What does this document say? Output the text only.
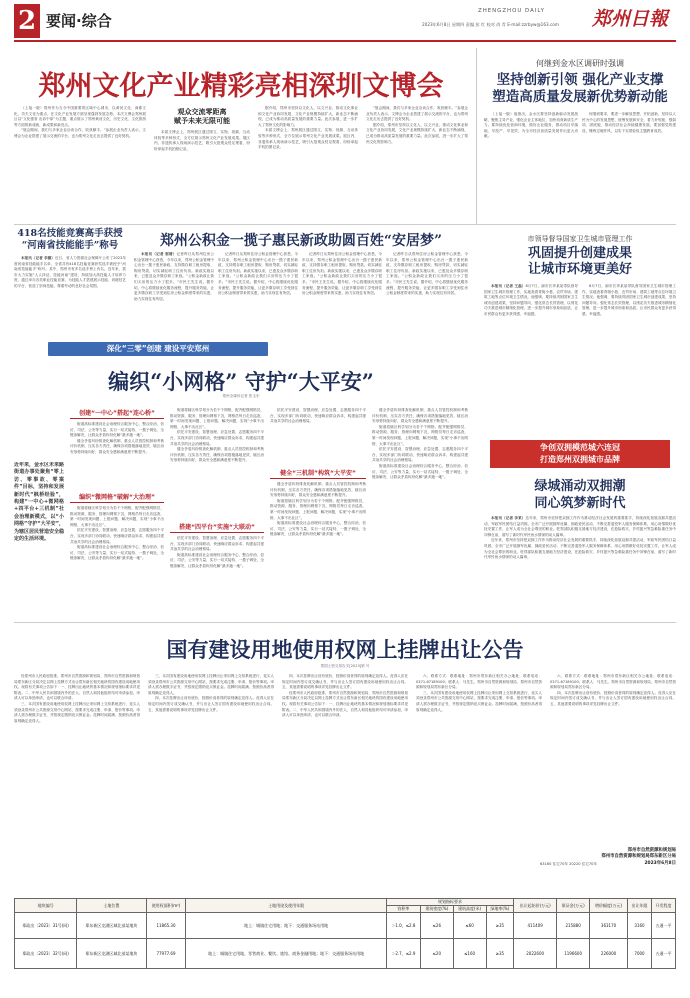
2 要闻·综合
ZHENGZHOU DAILY
2023年6月8日 星期四 责编 彭 红 校对 尚 青 E-mail:zzrbyw@163.com 郑州日報
郑州文化产业精彩亮相深圳文博会
（上接一版）郑州作为当今中国重要的区域中心城市，以黄河文化、商都文化、功夫文化为重点，在文化产业发展方面呈现蓬勃发展态势。本次文博会郑州展区以“文化强省 出彩中原”为主题，重点展示了郑州黄河文化、历史文化、文化旅游等方面的新成就、新成果和新亮点。
“展会期间，我们与多家企业洽谈合作，收获颇丰。”参展企业负责人表示，文博会为企业搭建了展示交流的平台，也为郑州文化走出去提供了良好契机。
观众交流零距离
赋予未来无限可能
本届文博会上，郑州展区通过图文、实物、视频、互动体验等多种形式，全方位展示郑州文化产业发展成果。展区内，非遗传承人现场演示技艺，吸引大批观众驻足观看，纷纷拿起手机拍照记录。
据介绍，郑州市坚持以文化人、以文兴业，推动文化事业和文化产业协同发展，文化产业规模持续扩大，新业态不断涌现，已成为推动高质量发展的重要力量。此次参展，进一步扩大了郑州文化的影响力。
本届文博会上，郑州展区通过图文、实物、视频、互动体验等多种形式，全方位展示郑州文化产业发展成果。展区内，非遗传承人现场演示技艺，吸引大批观众驻足观看，纷纷拿起手机拍照记录。
“展会期间，我们与多家企业洽谈合作，收获颇丰。”参展企业负责人表示，文博会为企业搭建了展示交流的平台，也为郑州文化走出去提供了良好契机。
据介绍，郑州市坚持以文化人、以文兴业，推动文化事业和文化产业协同发展，文化产业规模持续扩大，新业态不断涌现，已成为推动高质量发展的重要力量。此次参展，进一步扩大了郑州文化的影响力。
何继到金水区调研时强调
坚持创新引领 强化产业支撑
塑造高质量发展新优势新动能
（上接一版）他指出，金水区要坚持创新驱动发展战略，聚焦主导产业，强化企业主体地位，加快培育新质生产力。要持续优化营商环境，做好企业服务，推动项目早落地、早投产、早见效，为全市经济高质量发展作出更大贡献。
何继到要求，要进一步解放思想、开拓创新，坚持以人民为中心的发展思想，统筹发展和安全，着力补短板、强弱项、固底板，推动经济社会持续健康发展。要加强党的建设，锤炼过硬作风，以实干实绩检验主题教育成效。
418名技能竞赛高手获授
“河南省技能能手”称号
本报讯（记者 李娜）近日，省人力资源社会保障厅公布了2022年度河南省技能能手名单，全省共有418名技能竞赛获奖选手被授予“河南省技能能手”称号。其中，郑州市有多名选手榜上有名。近年来，我市大力实施“人人持证、技能河南”建设，持续加大高技能人才培养力度，通过举办各类职业技能竞赛，为技能人才搭建展示技能、切磋技艺的平台，营造了崇尚技能、尊重劳动的良好社会氛围。
郑州公积金一揽子惠民新政助圆百姓“安居梦”
本报讯（记者 郭清）记者昨日从郑州住房公积金管理中心获悉，今年以来，郑州公积金管理中心出台一揽子惠民新政，支持缴存职工租房提取、购房贷款，切实减轻职工住房负担。新政实施以来，已惠及众多缴存职工家庭。“公积金新政让我们买房的压力小了很多。”市民王先生说。据介绍，中心将继续优化服务流程，提升服务效能，让更多缴存职工享受到住房公积金制度带来的实惠，助力实现住有所居。
记者昨日从郑州住房公积金管理中心获悉，今年以来，郑州公积金管理中心出台一揽子惠民新政，支持缴存职工租房提取、购房贷款，切实减轻职工住房负担。新政实施以来，已惠及众多缴存职工家庭。“公积金新政让我们买房的压力小了很多。”市民王先生说。据介绍，中心将继续优化服务流程，提升服务效能，让更多缴存职工享受到住房公积金制度带来的实惠，助力实现住有所居。
记者昨日从郑州住房公积金管理中心获悉，今年以来，郑州公积金管理中心出台一揽子惠民新政，支持缴存职工租房提取、购房贷款，切实减轻职工住房负担。新政实施以来，已惠及众多缴存职工家庭。“公积金新政让我们买房的压力小了很多。”市民王先生说。据介绍，中心将继续优化服务流程，提升服务效能，让更多缴存职工享受到住房公积金制度带来的实惠，助力实现住有所居。
记者昨日从郑州住房公积金管理中心获悉，今年以来，郑州公积金管理中心出台一揽子惠民新政，支持缴存职工租房提取、购房贷款，切实减轻职工住房负担。新政实施以来，已惠及众多缴存职工家庭。“公积金新政让我们买房的压力小了很多。”市民王先生说。据介绍，中心将继续优化服务流程，提升服务效能，让更多缴存职工享受到住房公积金制度带来的实惠，助力实现住有所居。
市领导督导国家卫生城市管理工作
巩固提升创建成果
让城市环境更美好
本报讯（记者 王磊）6月7日，副市长李某某带队督导国家卫生城市管理工作，实地查看背街小巷、农贸市场、建筑工地等点位环境卫生情况。他强调，要持续巩固国家卫生城市创建成果，坚持问题导向，强化常态长效管理，以绣花功夫推进城市精细化管理，进一步提升城市形象和品质，让市民群众有更多获得感、幸福感。
6月7日，副市长李某某带队督导国家卫生城市管理工作，实地查看背街小巷、农贸市场、建筑工地等点位环境卫生情况。他强调，要持续巩固国家卫生城市创建成果，坚持问题导向，强化常态长效管理，以绣花功夫推进城市精细化管理，进一步提升城市形象和品质，让市民群众有更多获得感、幸福感。
深化“三零”创建 建设平安郑州
编织“小网格” 守护“大平安”
郑州全媒体记者 张玉东
近年来，金水区未来路街道办事处聚焦“零上访、零事故、零案件”目标，坚持和发展新时代“枫桥经验”，构建“一中心+微网格+四平台+三机制”社会治理新模式，以“小网格”守护“大平安”，为辖区居民营造安全稳定的生活环境。
创建“一中心”搭起“连心桥”
街道高标准建设社会治理综合服务中心，整合综治、信访、司法、公安等力量，实行一站式接待、一揽子调处、全链条解决，让群众矛盾纠纷化解“最多跑一地”。
健全矛盾纠纷排查化解机制、重点人员管控机制和考核评价机制，压实各方责任，确保各项措施落地见效，辖区治安形势持续向好，群众安全感和满意度不断提升。
编织“微网格”破解“大治理”
街道将辖区科学划分为若干个网格，配齐配强网格员，推动资源、服务、管理向网格下沉，网格员每日走访巡查，第一时间发现问题、上报问题、解决问题，实现“小事不出网格、大事不出社区”。
依托平安建设、智慧治理、应急处置、志愿服务四个平台，实现多部门协同联动，快速响应群众诉求，构建起共建共治共享的社会治理格局。
街道高标准建设社会治理综合服务中心，整合综治、信访、司法、公安等力量，实行一站式接待、一揽子调处、全链条解决，让群众矛盾纠纷化解“最多跑一地”。
街道将辖区科学划分为若干个网格，配齐配强网格员，推动资源、服务、管理向网格下沉，网格员每日走访巡查，第一时间发现问题、上报问题、解决问题，实现“小事不出网格、大事不出社区”。
依托平安建设、智慧治理、应急处置、志愿服务四个平台，实现多部门协同联动，快速响应群众诉求，构建起共建共治共享的社会治理格局。
健全矛盾纠纷排查化解机制、重点人员管控机制和考核评价机制，压实各方责任，确保各项措施落地见效，辖区治安形势持续向好，群众安全感和满意度不断提升。
搭建“四平台”实施“大联动”
依托平安建设、智慧治理、应急处置、志愿服务四个平台，实现多部门协同联动，快速响应群众诉求，构建起共建共治共享的社会治理格局。
街道高标准建设社会治理综合服务中心，整合综治、信访、司法、公安等力量，实行一站式接待、一揽子调处、全链条解决，让群众矛盾纠纷化解“最多跑一地”。
依托平安建设、智慧治理、应急处置、志愿服务四个平台，实现多部门协同联动，快速响应群众诉求，构建起共建共治共享的社会治理格局。
健全“三机制”构筑“大平安”
健全矛盾纠纷排查化解机制、重点人员管控机制和考核评价机制，压实各方责任，确保各项措施落地见效，辖区治安形势持续向好，群众安全感和满意度不断提升。
街道将辖区科学划分为若干个网格，配齐配强网格员，推动资源、服务、管理向网格下沉，网格员每日走访巡查，第一时间发现问题、上报问题、解决问题，实现“小事不出网格、大事不出社区”。
街道高标准建设社会治理综合服务中心，整合综治、信访、司法、公安等力量，实行一站式接待、一揽子调处、全链条解决，让群众矛盾纠纷化解“最多跑一地”。
健全矛盾纠纷排查化解机制、重点人员管控机制和考核评价机制，压实各方责任，确保各项措施落地见效，辖区治安形势持续向好，群众安全感和满意度不断提升。
街道将辖区科学划分为若干个网格，配齐配强网格员，推动资源、服务、管理向网格下沉，网格员每日走访巡查，第一时间发现问题、上报问题、解决问题，实现“小事不出网格、大事不出社区”。
依托平安建设、智慧治理、应急处置、志愿服务四个平台，实现多部门协同联动，快速响应群众诉求，构建起共建共治共享的社会治理格局。
街道高标准建设社会治理综合服务中心，整合综治、信访、司法、公安等力量，实行一站式接待、一揽子调处、全链条解决，让群众矛盾纠纷化解“最多跑一地”。
争创双拥模范城六连冠
打造郑州双拥城市品牌
绿城涌动双拥潮
同心筑梦新时代
本报讯（记者 李某）近年来，郑州市坚持把双拥工作作为推动经济社会发展的重要抓手，持续深化拓展双拥共建活动，军政军民团结日益巩固。全市广泛开展拥军优属、拥政爱民活动，不断完善退役军人服务保障体系，用心用情做好优抚安置工作，让军人成为全社会尊崇的职业。驻郑部队积极支援地方经济建设，在抢险救灾、乡村振兴等急难险重任务中冲锋在前，谱写了新时代军民鱼水情深的动人篇章。
近年来，郑州市坚持把双拥工作作为推动经济社会发展的重要抓手，持续深化拓展双拥共建活动，军政军民团结日益巩固。全市广泛开展拥军优属、拥政爱民活动，不断完善退役军人服务保障体系，用心用情做好优抚安置工作，让军人成为全社会尊崇的职业。驻郑部队积极支援地方经济建设，在抢险救灾、乡村振兴等急难险重任务中冲锋在前，谱写了新时代军民鱼水情深的动人篇章。
国有建设用地使用权网上挂牌出让公告
郑国土资交易告字[2023]第 号
经郑州市人民政府批准，郑州市自然资源和规划局、郑州市自然资源和规划局郑东新区分局决定以网上挂牌方式出让郑东新区相关地块的国有建设用地使用权。现将有关事项公告如下：一、挂牌出让地块的基本情况和规划指标要求详见附表。二、中华人民共和国境内外的法人、自然人和其他组织均可申请参加，申请人可以单独申请，也可以联合申请。
三、本次国有建设用地使用权网上挂牌出让采用网上交易系统进行，竞买人须登录郑州市公共资源交易中心网站，按要求完成注册、申请、报价等事项。申请人需办理数字证书，并按规定缴纳竞买保证金。挂牌时间届满，按照价高者得原则确定竞得人。
三、本次国有建设用地使用权网上挂牌出让采用网上交易系统进行，竞买人须登录郑州市公共资源交易中心网站，按要求完成注册、申请、报价等事项。申请人需办理数字证书，并按规定缴纳竞买保证金。挂牌时间届满，按照价高者得原则确定竞得人。
四、本次挂牌出让设有底价，按照价高者得的原则确定竞得人。竞得人应在规定时间内签订成交确认书，并与出让人签订国有建设用地使用权出让合同。五、其他需要说明的事项详见挂牌出让文件。
四、本次挂牌出让设有底价，按照价高者得的原则确定竞得人。竞得人应在规定时间内签订成交确认书，并与出让人签订国有建设用地使用权出让合同。五、其他需要说明的事项详见挂牌出让文件。
经郑州市人民政府批准，郑州市自然资源和规划局、郑州市自然资源和规划局郑东新区分局决定以网上挂牌方式出让郑东新区相关地块的国有建设用地使用权。现将有关事项公告如下：一、挂牌出让地块的基本情况和规划指标要求详见附表。二、中华人民共和国境内外的法人、自然人和其他组织均可申请参加，申请人可以单独申请，也可以联合申请。
六、联系方式：联系地址：郑州市郑东新区相关办公地址；联系电话：0371-67189100；联系人：马先生。郑州市自然资源和规划局、郑州市自然资源和规划局郑东新区分局。
三、本次国有建设用地使用权网上挂牌出让采用网上交易系统进行，竞买人须登录郑州市公共资源交易中心网站，按要求完成注册、申请、报价等事项。申请人需办理数字证书，并按规定缴纳竞买保证金。挂牌时间届满，按照价高者得原则确定竞得人。
六、联系方式：联系地址：郑州市郑东新区相关办公地址；联系电话：0371-67189100；联系人：马先生。郑州市自然资源和规划局、郑州市自然资源和规划局郑东新区分局。
四、本次挂牌出让设有底价，按照价高者得的原则确定竞得人。竞得人应在规定时间内签订成交确认书，并与出让人签订国有建设用地使用权出让合同。五、其他需要说明的事项详见挂牌出让文件。
郑州市自然资源和规划局
郑州市自然资源和规划局郑东新区分局
2023年6月8日
地块编号	土地位置	使用权面积(m²)	土地用途及使用年限	规划指标要求				出让起始价(万元)	保证金(万元)	增价幅度(万元)	出让年限	开发程度
				容积率	建筑密度(%)	建筑高度(米)	绿地率(%)					
郑政出〔2023〕31号(网)	郑东新区龙湖区域北部某地块	11865.30	地上：城镇住宅用地；地下：交通服务场站用地	＞1.0，≤2.8	≤26	≤60	≥35	411409	215880	363170	3160	五通一平
郑政出〔2023〕32号(网)	郑东新区龙湖区域北部某地块	77977.69	地上：城镇住宅用地、零售商业、餐饮、旅馆、商务金融用地；地下：交通服务场站用地	＞2.7，≤2.9	≤20	≤160	≥35	2022600	1196600	226000	7000	五通一平
63160 住宅70年 20220 住宅70年
